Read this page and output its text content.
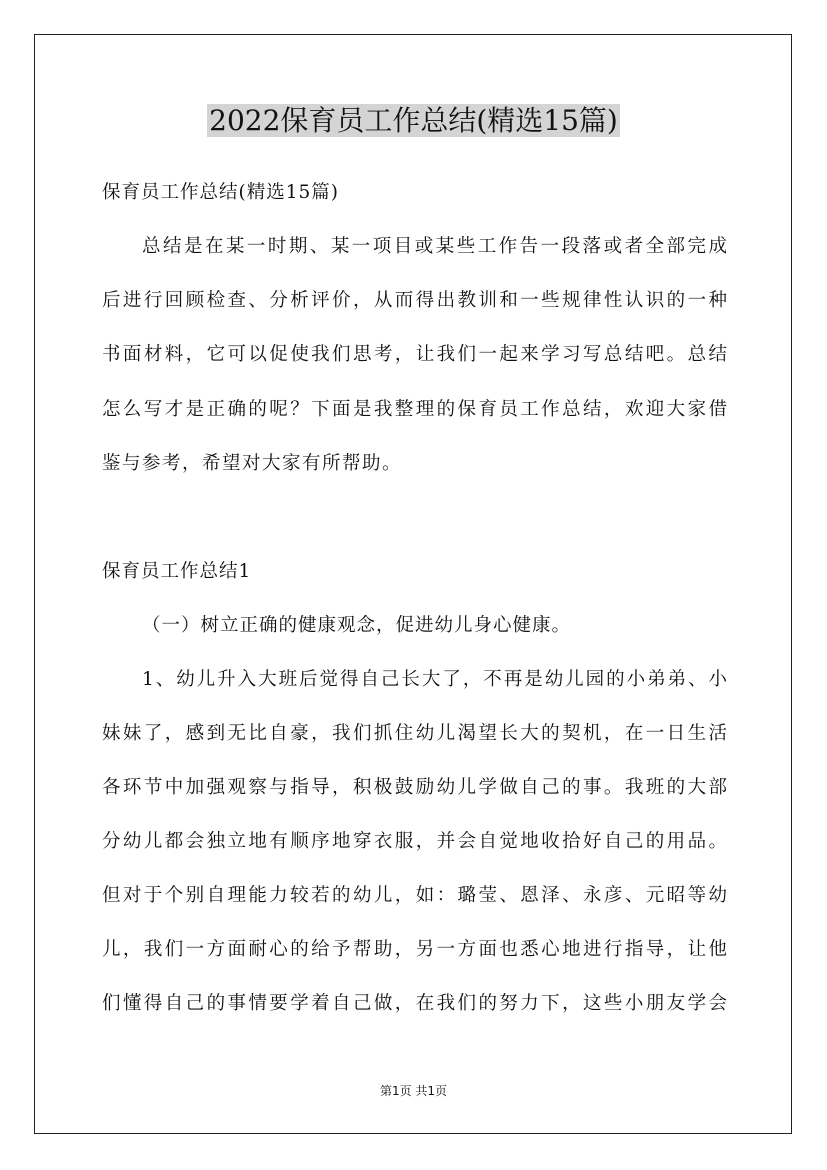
2022保育员工作总结(精选15篇)
保育员工作总结(精选15篇)
总结是在某一时期、某一项目或某些工作告一段落或者全部完成
后进行回顾检查、分析评价，从而得出教训和一些规律性认识的一种
书面材料，它可以促使我们思考，让我们一起来学习写总结吧。总结
怎么写才是正确的呢？下面是我整理的保育员工作总结，欢迎大家借
鉴与参考，希望对大家有所帮助。
保育员工作总结1
（一）树立正确的健康观念，促进幼儿身心健康。
1、幼儿升入大班后觉得自己长大了，不再是幼儿园的小弟弟、小
妹妹了，感到无比自豪，我们抓住幼儿渴望长大的契机，在一日生活
各环节中加强观察与指导，积极鼓励幼儿学做自己的事。我班的大部
分幼儿都会独立地有顺序地穿衣服，并会自觉地收拾好自己的用品。
但对于个别自理能力较若的幼儿，如：璐莹、恩泽、永彦、元昭等幼
儿，我们一方面耐心的给予帮助，另一方面也悉心地进行指导，让他
们懂得自己的事情要学着自己做，在我们的努力下，这些小朋友学会
第1页 共1页
